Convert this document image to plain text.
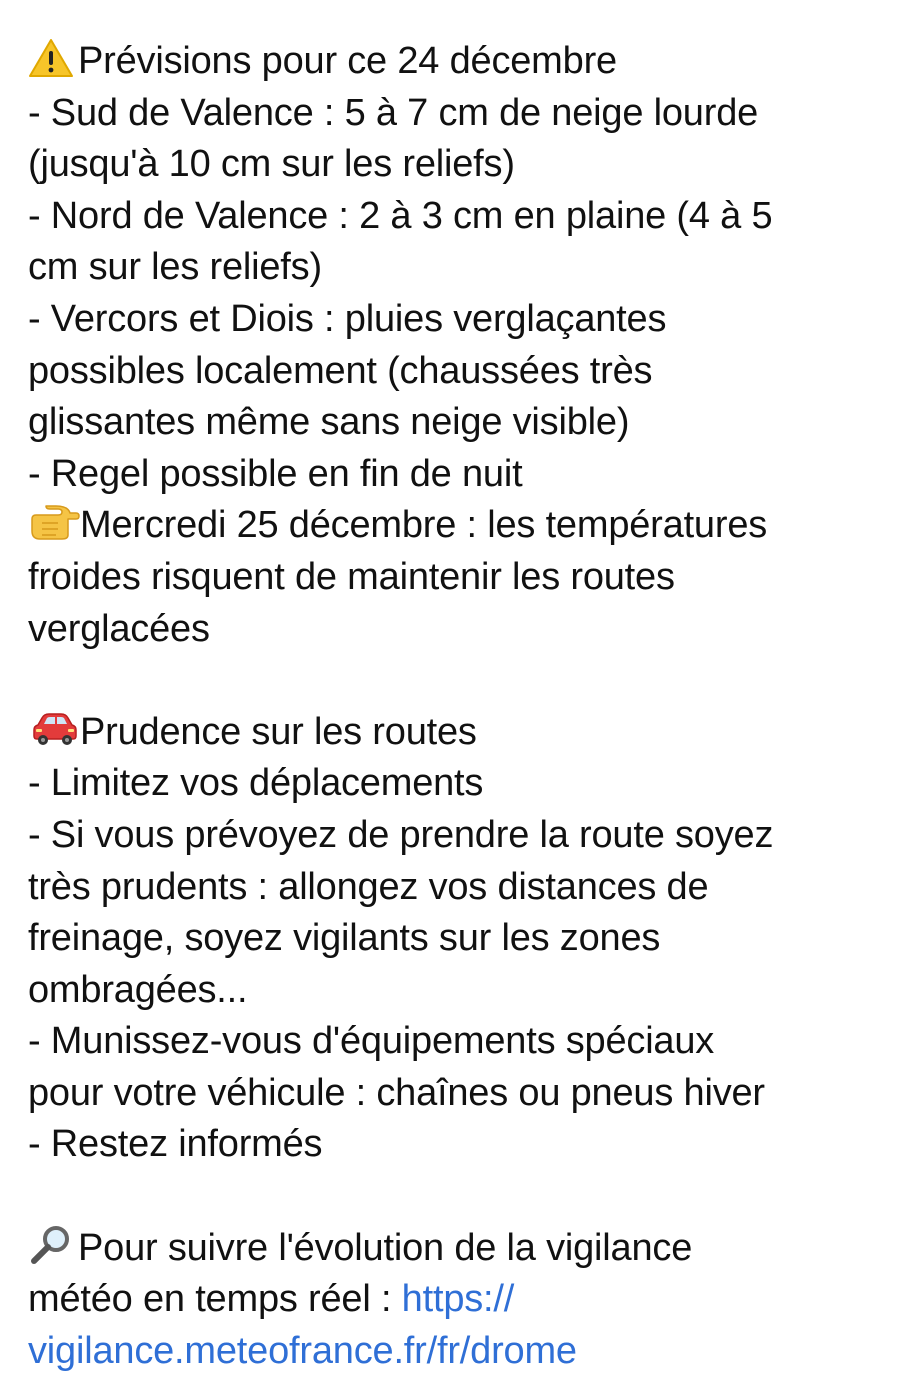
Prévisions pour ce 24 décembre
- Sud de Valence : 5 à 7 cm de neige lourde
(jusqu'à 10 cm sur les reliefs)
- Nord de Valence : 2 à 3 cm en plaine (4 à 5
cm sur les reliefs)
- Vercors et Diois : pluies verglaçantes
possibles localement (chaussées très
glissantes même sans neige visible)
- Regel possible en fin de nuit
Mercredi 25 décembre : les températures
froides risquent de maintenir les routes
verglacées
Prudence sur les routes
- Limitez vos déplacements
- Si vous prévoyez de prendre la route soyez
très prudents : allongez vos distances de
freinage, soyez vigilants sur les zones
ombragées...
- Munissez-vous d'équipements spéciaux
pour votre véhicule : chaînes ou pneus hiver
- Restez informés
Pour suivre l'évolution de la vigilance
météo en temps réel : https://
vigilance.meteofrance.fr/fr/drome
